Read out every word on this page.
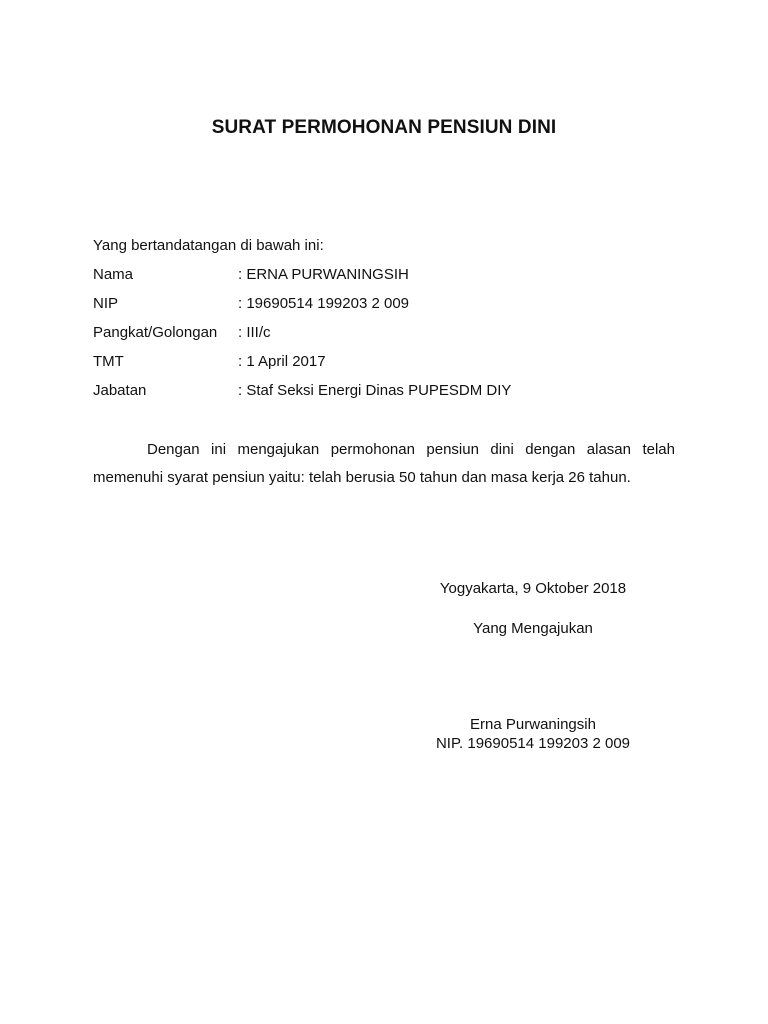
SURAT PERMOHONAN PENSIUN DINI
Yang bertandatangan di bawah ini:
Nama	: ERNA PURWANINGSIH
NIP	: 19690514 199203 2 009
Pangkat/Golongan : III/c
TMT	: 1 April 2017
Jabatan	: Staf Seksi Energi Dinas PUPESDM DIY
Dengan ini mengajukan permohonan pensiun dini dengan alasan telah memenuhi syarat pensiun yaitu: telah berusia 50 tahun dan masa kerja 26 tahun.
Yogyakarta, 9 Oktober 2018
Yang Mengajukan
Erna Purwaningsih
NIP. 19690514 199203 2 009
